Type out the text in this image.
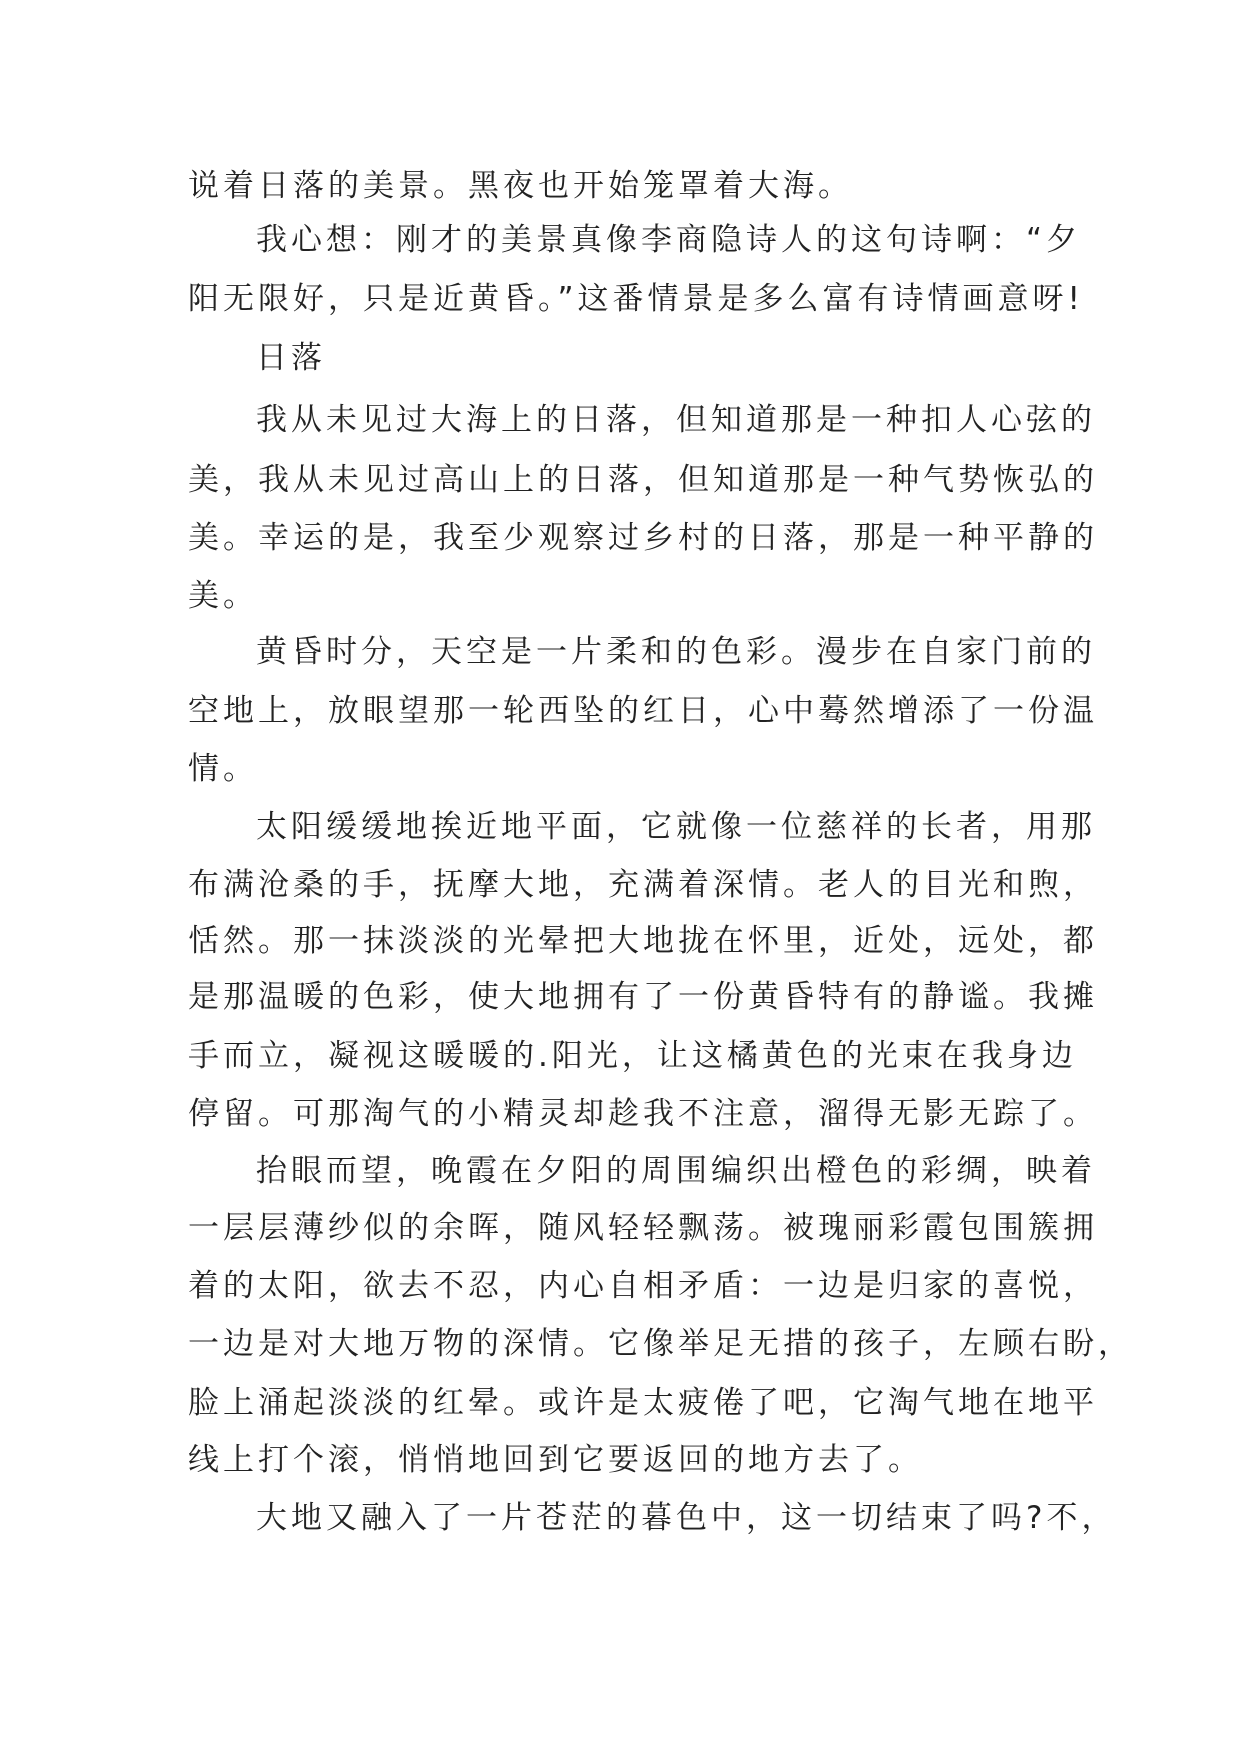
说着日落的美景。黑夜也开始笼罩着大海。
我心想：刚才的美景真像李商隐诗人的这句诗啊：“夕
阳无限好，只是近黄昏。”这番情景是多么富有诗情画意呀!
日落
我从未见过大海上的日落，但知道那是一种扣人心弦的
美，我从未见过高山上的日落，但知道那是一种气势恢弘的
美。幸运的是，我至少观察过乡村的日落，那是一种平静的
美。
黄昏时分，天空是一片柔和的色彩。漫步在自家门前的
空地上，放眼望那一轮西坠的红日，心中蓦然增添了一份温
情。
太阳缓缓地挨近地平面，它就像一位慈祥的长者，用那
布满沧桑的手，抚摩大地，充满着深情。老人的目光和煦，
恬然。那一抹淡淡的光晕把大地拢在怀里，近处，远处，都
是那温暖的色彩，使大地拥有了一份黄昏特有的静谧。我摊
手而立，凝视这暖暖的.阳光，让这橘黄色的光束在我身边
停留。可那淘气的小精灵却趁我不注意，溜得无影无踪了。
抬眼而望，晚霞在夕阳的周围编织出橙色的彩绸，映着
一层层薄纱似的余晖，随风轻轻飘荡。被瑰丽彩霞包围簇拥
着的太阳，欲去不忍，内心自相矛盾：一边是归家的喜悦，
一边是对大地万物的深情。它像举足无措的孩子，左顾右盼，
脸上涌起淡淡的红晕。或许是太疲倦了吧，它淘气地在地平
线上打个滚，悄悄地回到它要返回的地方去了。
大地又融入了一片苍茫的暮色中，这一切结束了吗?不，
